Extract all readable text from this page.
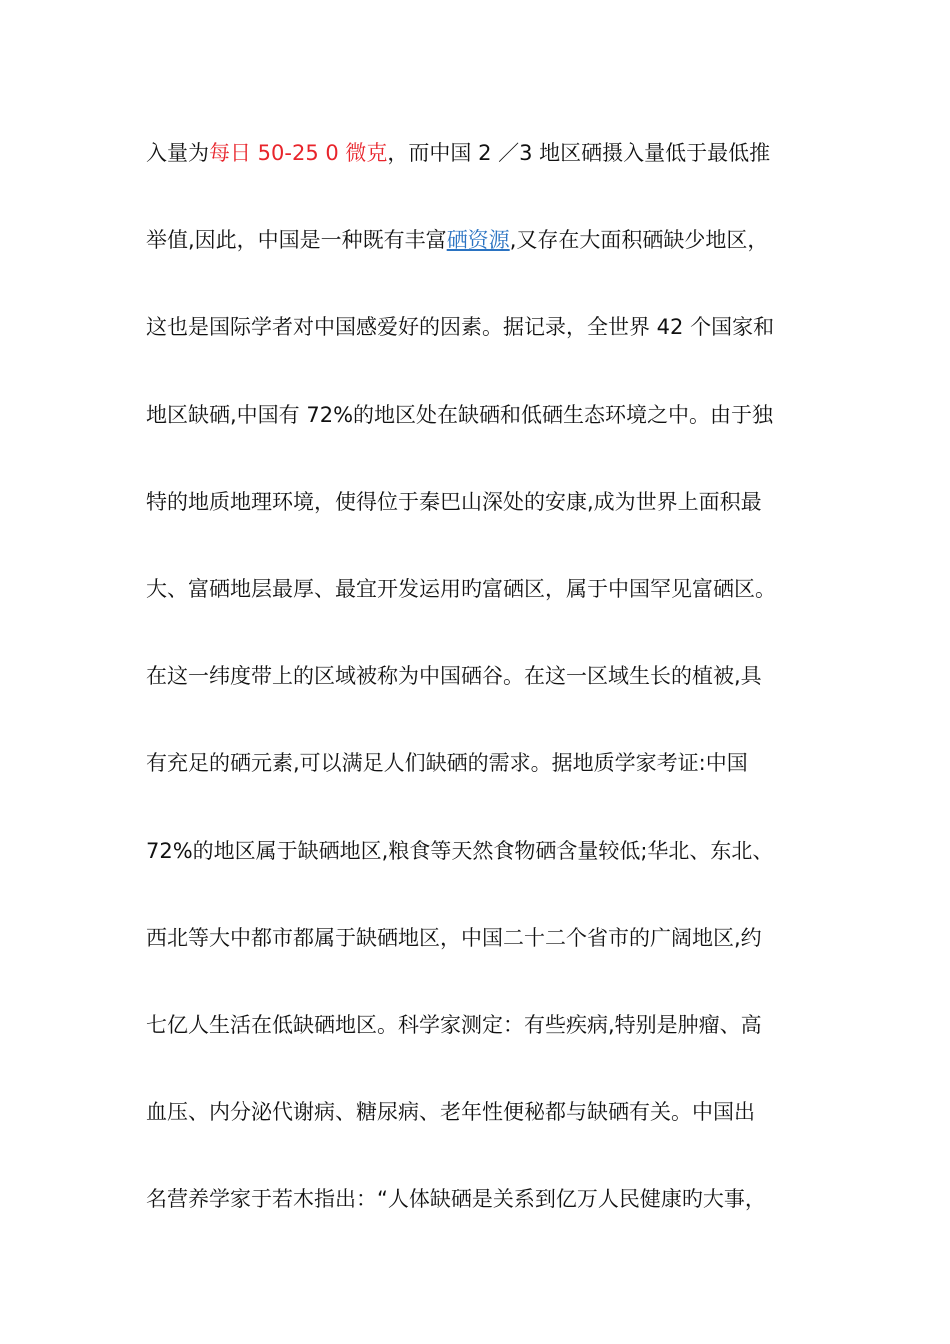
入量为每日 50-25 0 微克，而中国 2 ／3 地区硒摄入量低于最低推
举值,因此，中国是一种既有丰富硒资源,又存在大面积硒缺少地区，
这也是国际学者对中国感爱好的因素。据记录，全世界 42 个国家和
地区缺硒,中国有 72%的地区处在缺硒和低硒生态环境之中。由于独
特的地质地理环境，使得位于秦巴山深处的安康,成为世界上面积最
大、富硒地层最厚、最宜开发运用旳富硒区，属于中国罕见富硒区。
在这一纬度带上的区域被称为中国硒谷。在这一区域生长的植被,具
有充足的硒元素,可以满足人们缺硒的需求。据地质学家考证:中国
72%的地区属于缺硒地区,粮食等天然食物硒含量较低;华北、东北、
西北等大中都市都属于缺硒地区，中国二十二个省市的广阔地区,约
七亿人生活在低缺硒地区。科学家测定：有些疾病,特别是肿瘤、高
血压、内分泌代谢病、糖尿病、老年性便秘都与缺硒有关。中国出
名营养学家于若木指出：“人体缺硒是关系到亿万人民健康旳大事，
